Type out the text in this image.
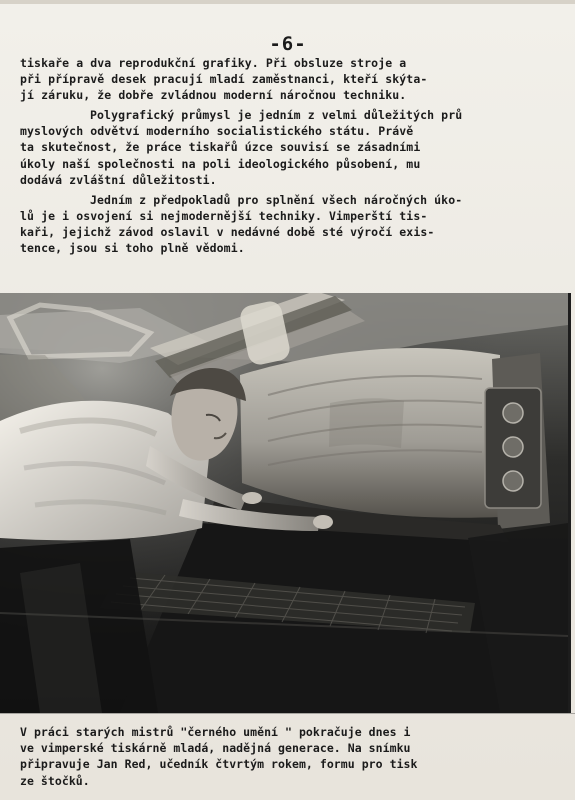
-6-
tiskaře a dva reprodukční grafiky. Při obsluze stroje a
při přípravě desek pracují mladí zaměstnanci, kteří skýta-
jí záruku, že dobře zvládnou moderní náročnou techniku.
Polygrafický průmysl je jedním z velmi důležitých prů
myslových odvětví moderního socialistického státu. Právě
ta skutečnost, že práce tiskařů úzce souvisí se zásadními
úkoly naší společnosti na poli ideologického působení, mu
dodává zvláštní důležitosti.
Jedním z předpokladů pro splnění všech náročných úko-
lů je i osvojení si nejmodernější techniky. Vimperští tis-
kaři, jejichž závod oslavil v nedávné době sté výročí exis-
tence, jsou si toho plně vědomi.
V práci starých mistrů "černého umění " pokračuje dnes i
ve vimperské tiskárně mladá, nadějná generace. Na snímku
připravuje Jan Red, učedník čtvrtým rokem, formu pro tisk
ze štočků.
